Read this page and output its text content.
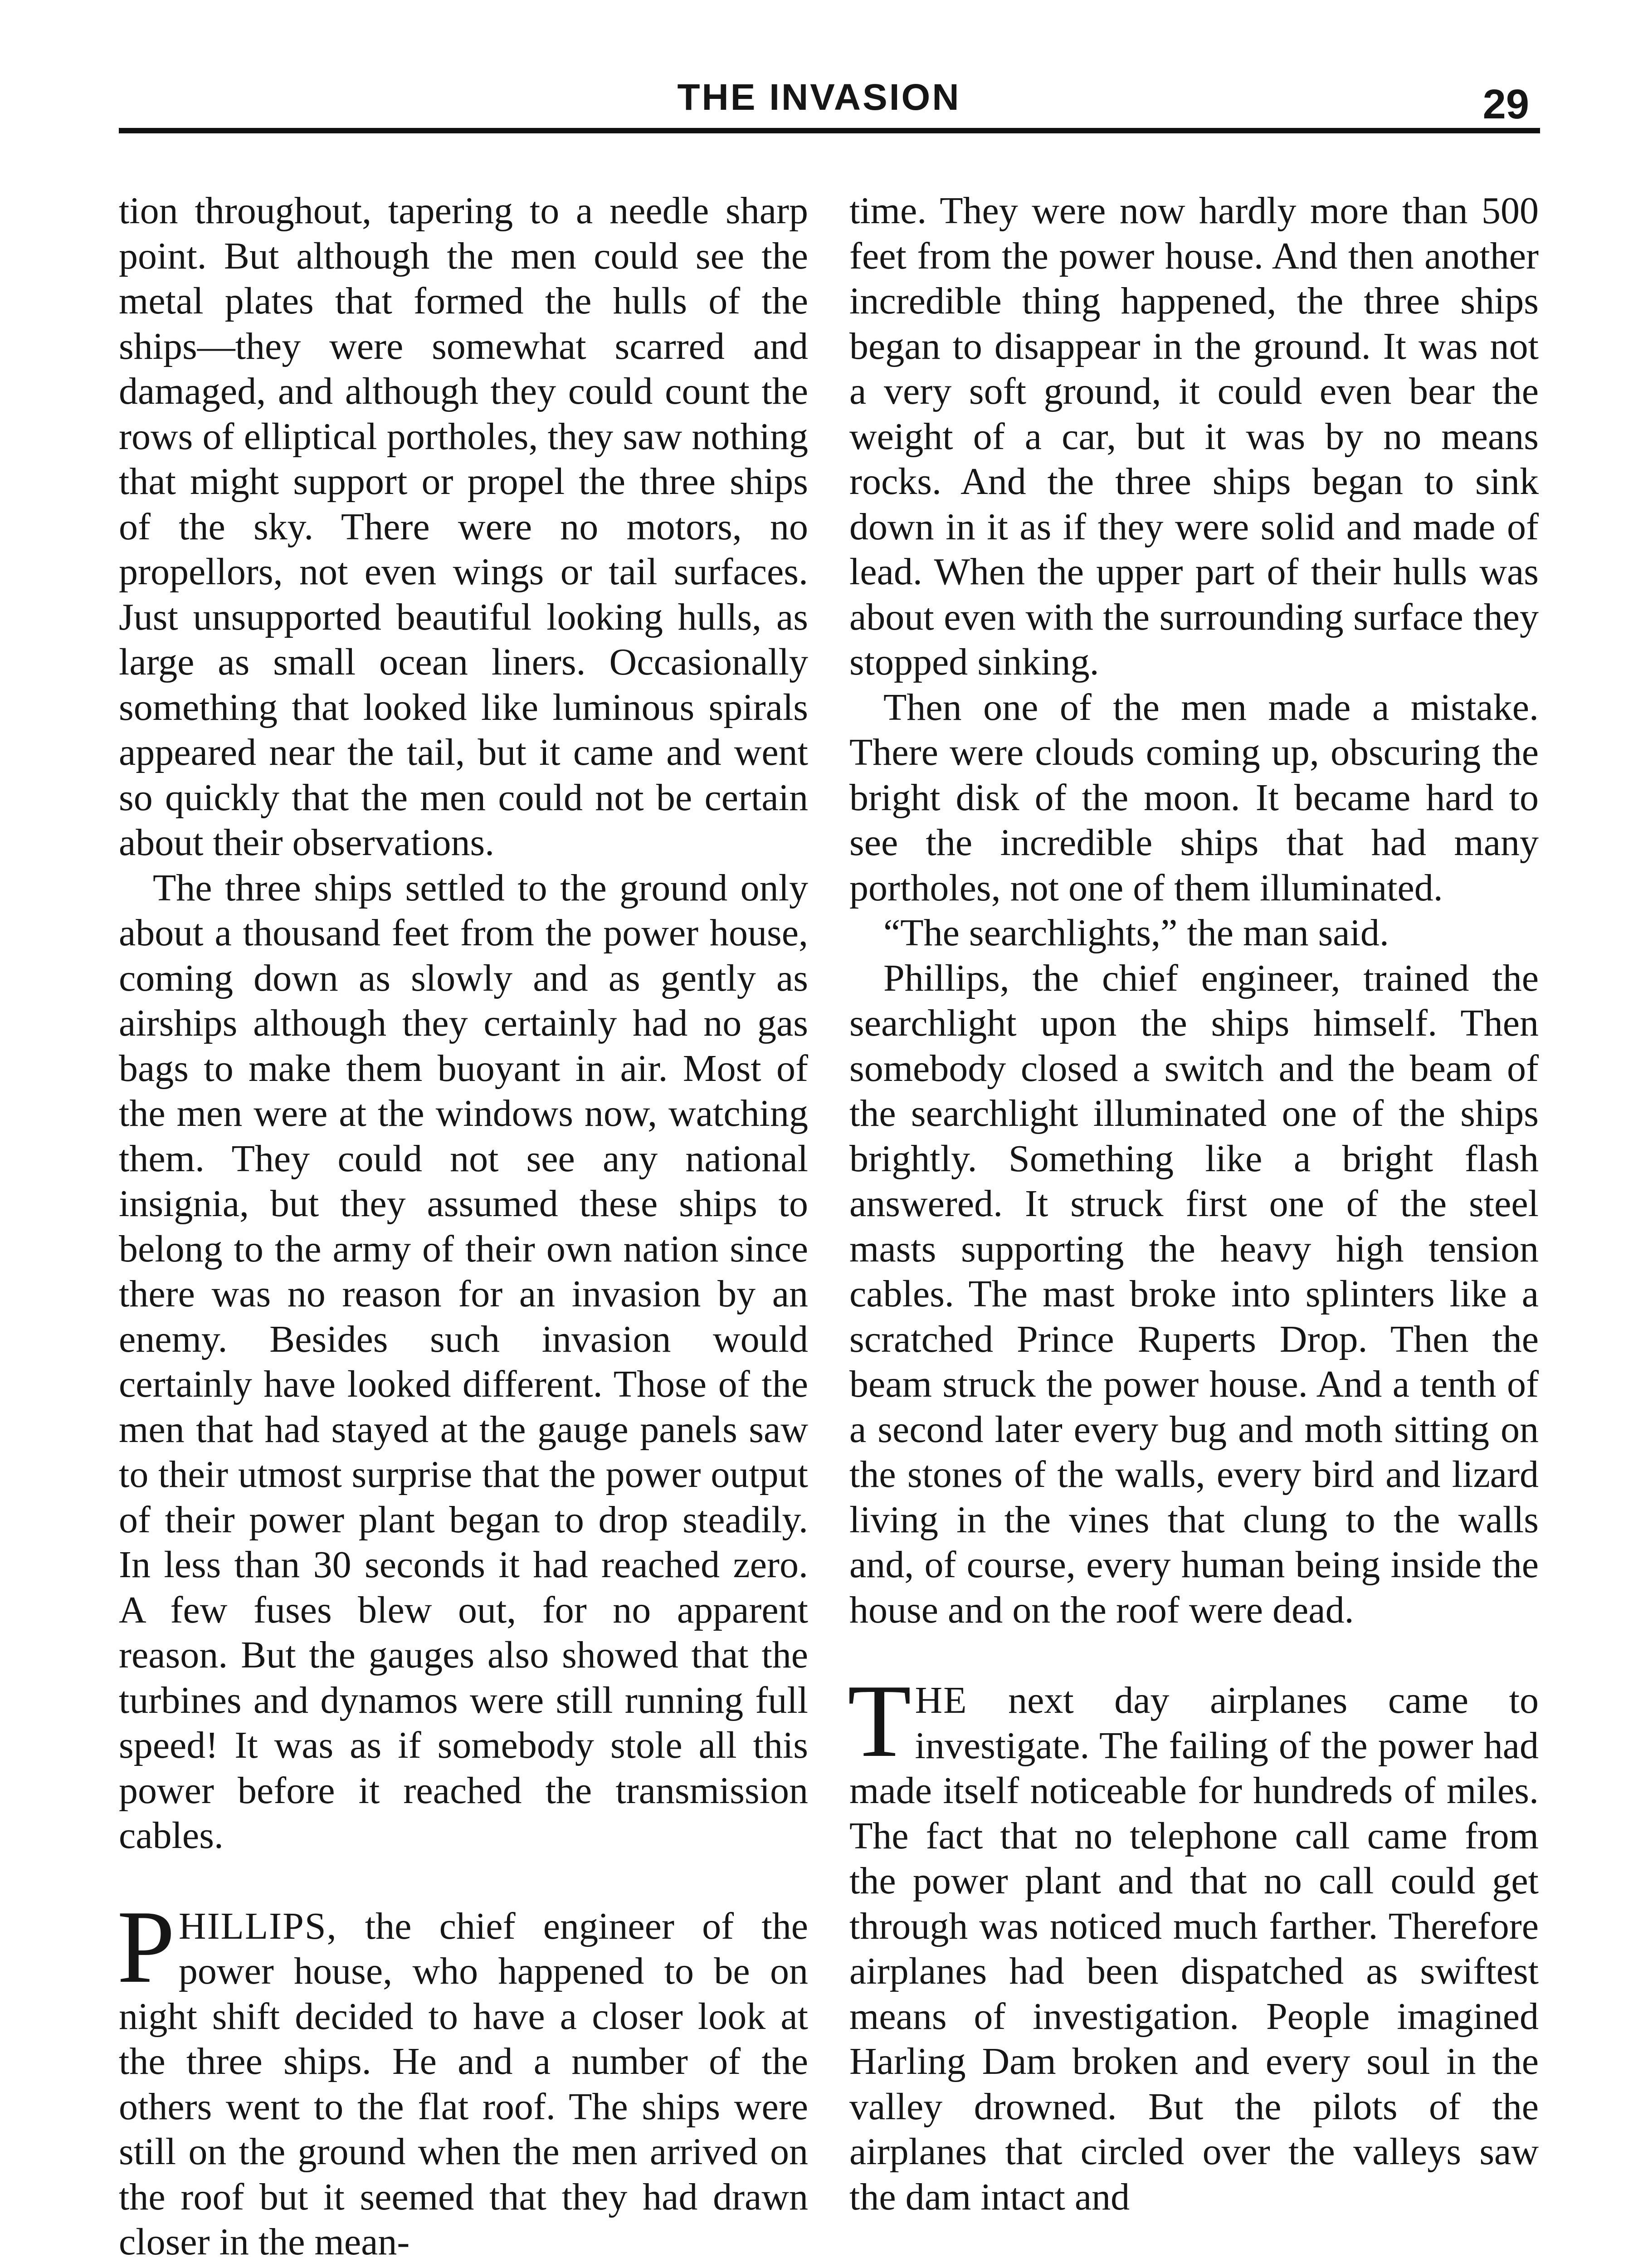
THE INVASION	29

tion throughout, tapering to a needle sharp point. But although the men could see the metal plates that formed the hulls of the ships—they were somewhat scarred and damaged, and although they could count the rows of elliptical portholes, they saw nothing that might support or propel the three ships of the sky. There were no motors, no propellors, not even wings or tail surfaces. Just unsupported beautiful looking hulls, as large as small ocean liners. Occasionally something that looked like luminous spirals appeared near the tail, but it came and went so quickly that the men could not be certain about their observations.

The three ships settled to the ground only about a thousand feet from the power house, coming down as slowly and as gently as airships although they certainly had no gas bags to make them buoyant in air. Most of the men were at the windows now, watching them. They could not see any national insignia, but they assumed these ships to belong to the army of their own nation since there was no reason for an invasion by an enemy. Besides such invasion would certainly have looked different. Those of the men that had stayed at the gauge panels saw to their utmost surprise that the power output of their power plant began to drop steadily. In less than 30 seconds it had reached zero. A few fuses blew out, for no apparent reason. But the gauges also showed that the turbines and dynamos were still running full speed! It was as if somebody stole all this power before it reached the transmission cables.

PHILLIPS, the chief engineer of the power house, who happened to be on night shift decided to have a closer look at the three ships. He and a number of the others went to the flat roof. The ships were still on the ground when the men arrived on the roof but it seemed that they had drawn closer in the mean-

time. They were now hardly more than 500 feet from the power house. And then another incredible thing happened, the three ships began to disappear in the ground. It was not a very soft ground, it could even bear the weight of a car, but it was by no means rocks. And the three ships began to sink down in it as if they were solid and made of lead. When the upper part of their hulls was about even with the surrounding surface they stopped sinking.

Then one of the men made a mistake. There were clouds coming up, obscuring the bright disk of the moon. It became hard to see the incredible ships that had many portholes, not one of them illuminated.

“The searchlights,” the man said.

Phillips, the chief engineer, trained the searchlight upon the ships himself. Then somebody closed a switch and the beam of the searchlight illuminated one of the ships brightly. Something like a bright flash answered. It struck first one of the steel masts supporting the heavy high tension cables. The mast broke into splinters like a scratched Prince Ruperts Drop. Then the beam struck the power house. And a tenth of a second later every bug and moth sitting on the stones of the walls, every bird and lizard living in the vines that clung to the walls and, of course, every human being inside the house and on the roof were dead.

THE next day airplanes came to investigate. The failing of the power had made itself noticeable for hundreds of miles. The fact that no telephone call came from the power plant and that no call could get through was noticed much farther. Therefore airplanes had been dispatched as swiftest means of investigation. People imagined Harling Dam broken and every soul in the valley drowned. But the pilots of the airplanes that circled over the valleys saw the dam intact and
